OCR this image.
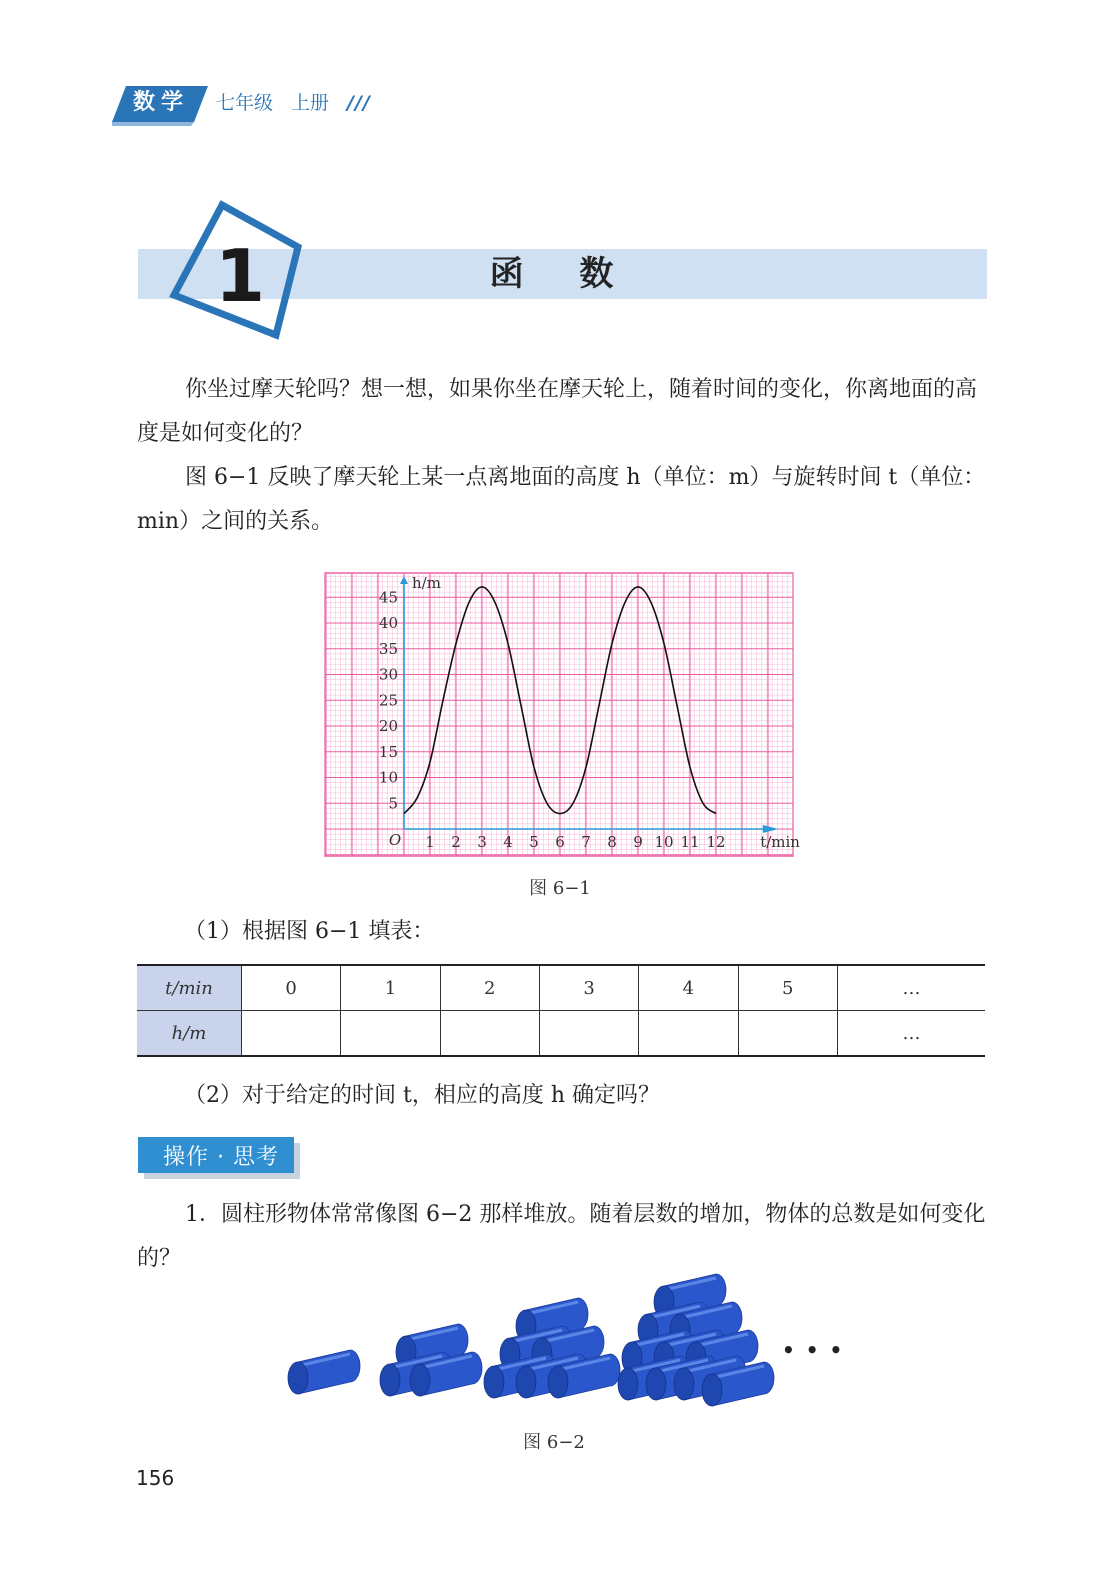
数学	七年级 上册 ///
1	函 数
你坐过摩天轮吗？想一想，如果你坐在摩天轮上，随着时间的变化，你离地面的高度是如何变化的？
图 6−1 反映了摩天轮上某一点离地面的高度 h（单位：m）与旋转时间 t（单位：min）之间的关系。
1 2 3 4 5 6 7 8 9 10 11 12
5
10
15
20
25
30
35
40
45
O	t/min
h/m
图 6−1
（1）根据图 6−1 填表：
t/min	0	1	2	3	4	5	…
h/m							…
（2）对于给定的时间 t，相应的高度 h 确定吗？
操作 · 思考
1．圆柱形物体常常像图 6−2 那样堆放。随着层数的增加，物体的总数是如何变化的？
• • •
图 6−2
156
